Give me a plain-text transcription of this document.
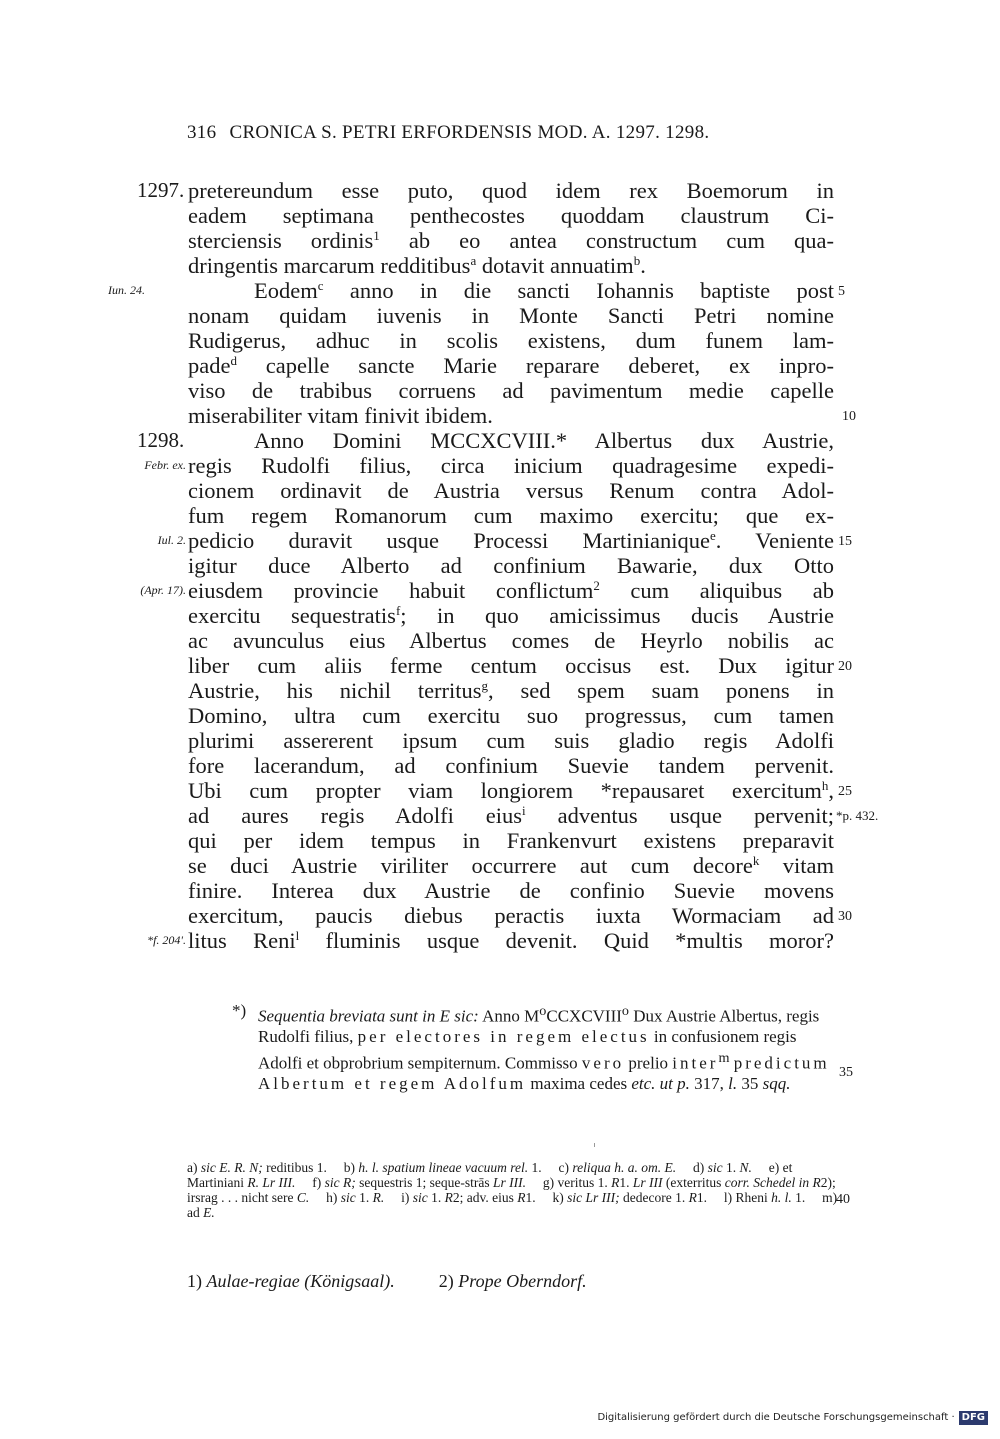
316 CRONICA S. PETRI ERFORDENSIS MOD. A. 1297. 1298.
1297.
Iun. 24.
1298.
Febr. ex.
Iul. 2.
(Apr. 17).
*f. 204'.
*p. 432.
5
10
15
20
25
30
pretereundum esse puto, quod idem rex Boemorum in
eadem septimana penthecostes quoddam claustrum Ci-
sterciensis ordinis$^1$ ab eo antea constructum cum qua-
dringentis marcarum redditibus$^a$ dotavit annuatim$^b$.
Eodem$^c$ anno in die sancti Iohannis baptiste post
nonam quidam iuvenis in Monte Sancti Petri nomine
Rudigerus, adhuc in scolis existens, dum funem lam-
pade$^d$ capelle sancte Marie reparare deberet, ex inpro-
viso de trabibus corruens ad pavimentum medie capelle
miserabiliter vitam finivit ibidem.
Anno Domini MCCXCVIII.* Albertus dux Austrie,
regis Rudolfi filius, circa inicium quadragesime expedi-
cionem ordinavit de Austria versus Renum contra Adol-
fum regem Romanorum cum maximo exercitu; que ex-
pedicio duravit usque Processi Martinianique$^e$. Veniente
igitur duce Alberto ad confinium Bawarie, dux Otto
eiusdem provincie habuit conflictum$^2$ cum aliquibus ab
exercitu sequestratis$^f$; in quo amicissimus ducis Austrie
ac avunculus eius Albertus comes de Heyrlo nobilis ac
liber cum aliis ferme centum occisus est. Dux igitur
Austrie, his nichil territus$^g$, sed spem suam ponens in
Domino, ultra cum exercitu suo progressus, cum tamen
plurimi assererent ipsum cum suis gladio regis Adolfi
fore lacerandum, ad confinium Suevie tandem pervenit.
Ubi cum propter viam longiorem *repausaret exercitum$^h$,
ad aures regis Adolfi eius$^i$ adventus usque pervenit;
qui per idem tempus in Frankenvurt existens preparavit
se duci Austrie viriliter occurrere aut cum decore$^k$ vitam
finire. Interea dux Austrie de confinio Suevie movens
exercitum, paucis diebus peractis iuxta Wormaciam ad
litus Reni$^l$ fluminis usque devenit. Quid *multis moror?
*) Sequentia breviata sunt in E sic: Anno $M^oCCXCVIII^o$ Dux Austrie Albertus, regis Rudolfi filius, per electores in regem electus in confusionem regis Adolfi et obprobrium sempiternum. Commisso vero prelio inter$^m$ predictum Albertum et regem Adolfum maxima cedes etc. ut p. 317, l. 35 sqq.
35
a) sic E. R. N; reditibus 1. b) h. l. spatium lineae vacuum rel. 1. c) reliqua h. a. om. E. d) sic 1. N. e) et Martiniani R. Lr III. f) sic R; sequestris 1; seque-strās Lr III. g) veritus 1. R1. Lr III (exterritus corr. Schedel in R2); irsrag . . . nicht sere C. h) sic 1. R. i) sic 1. R2; adv. eius R1. k) sic Lr III; dedecore 1. R1. l) Rheni h. l. 1. m) ad E.
40
1) Aulae-regiae (Königsaal). 2) Prope Oberndorf.
Digitalisierung gefördert durch die Deutsche Forschungsgemeinschaft · DFG
